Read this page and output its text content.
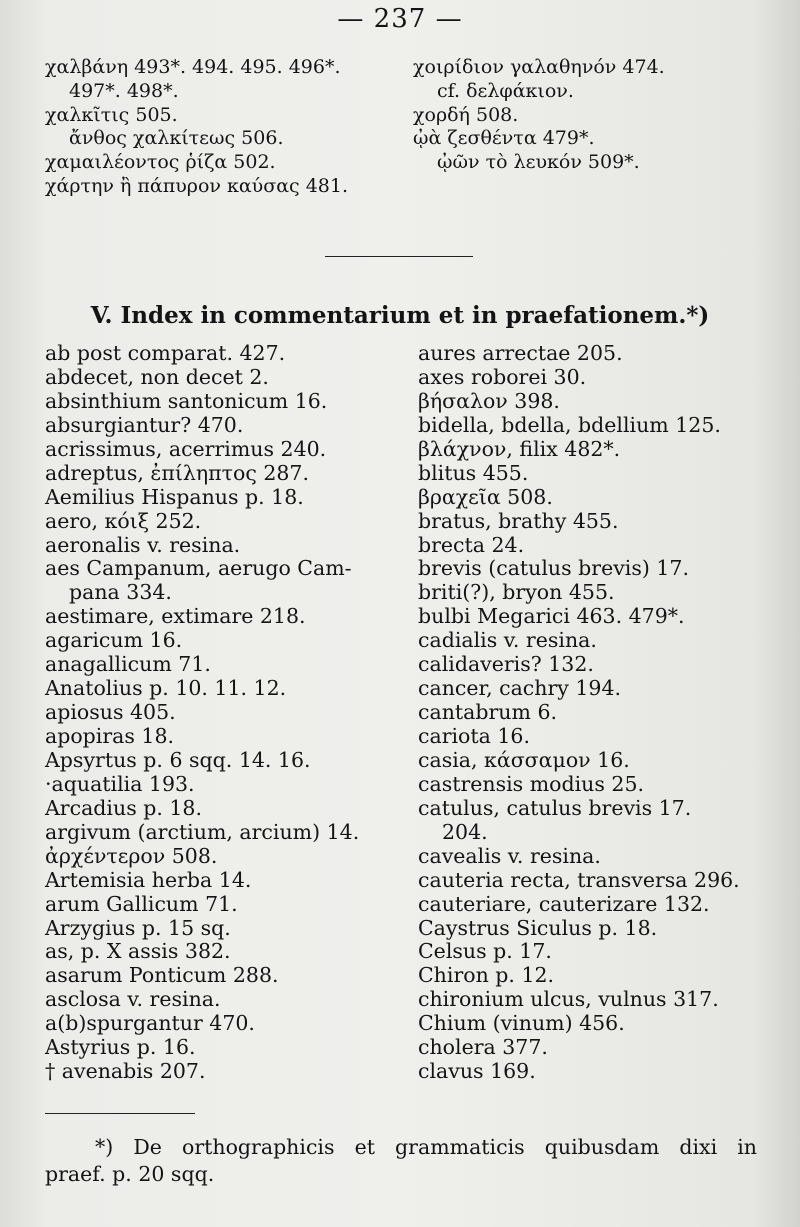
— 237 —
χαλβάνη 493*. 494. 495. 496*.
497*. 498*.
χαλκῖτις 505.
ἄνθος χαλκίτεως 506.
χαμαιλέοντος ῥίζα 502.
χάρτην ἢ πάπυρον καύσας 481.
χοιρίδιον γαλαθηνόν 474.
cf. δελφάκιον.
χορδή 508.
ᾠὰ ζεσθέντα 479*.
ᾠῶν τὸ λευκόν 509*.
V. Index in commentarium et in praefationem.*)
ab post comparat. 427.
abdecet, non decet 2.
absinthium santonicum 16.
absurgiantur? 470.
acrissimus, acerrimus 240.
adreptus, ἐπίληπτος 287.
Aemilius Hispanus p. 18.
aero, κόιξ 252.
aeronalis v. resina.
aes Campanum, aerugo Cam-
pana 334.
aestimare, extimare 218.
agaricum 16.
anagallicum 71.
Anatolius p. 10. 11. 12.
apiosus 405.
apopiras 18.
Apsyrtus p. 6 sqq. 14. 16.
·aquatilia 193.
Arcadius p. 18.
argivum (arctium, arcium) 14.
ἀρχέντερον 508.
Artemisia herba 14.
arum Gallicum 71.
Arzygius p. 15 sq.
as, p. X assis 382.
asarum Ponticum 288.
asclosa v. resina.
a(b)spurgantur 470.
Astyrius p. 16.
† avenabis 207.
aures arrectae 205.
axes roborei 30.
βήσαλον 398.
bidella, bdella, bdellium 125.
βλάχνον, filix 482*.
blitus 455.
βραχεῖα 508.
bratus, brathy 455.
brecta 24.
brevis (catulus brevis) 17.
briti(?), bryon 455.
bulbi Megarici 463. 479*.
cadialis v. resina.
calidaveris? 132.
cancer, cachry 194.
cantabrum 6.
cariota 16.
casia, κάσσαμον 16.
castrensis modius 25.
catulus, catulus brevis 17.
204.
cavealis v. resina.
cauteria recta, transversa 296.
cauteriare, cauterizare 132.
Caystrus Siculus p. 18.
Celsus p. 17.
Chiron p. 12.
chironium ulcus, vulnus 317.
Chium (vinum) 456.
cholera 377.
clavus 169.
*) De orthographicis et grammaticis quibusdam dixi in
praef. p. 20 sqq.
